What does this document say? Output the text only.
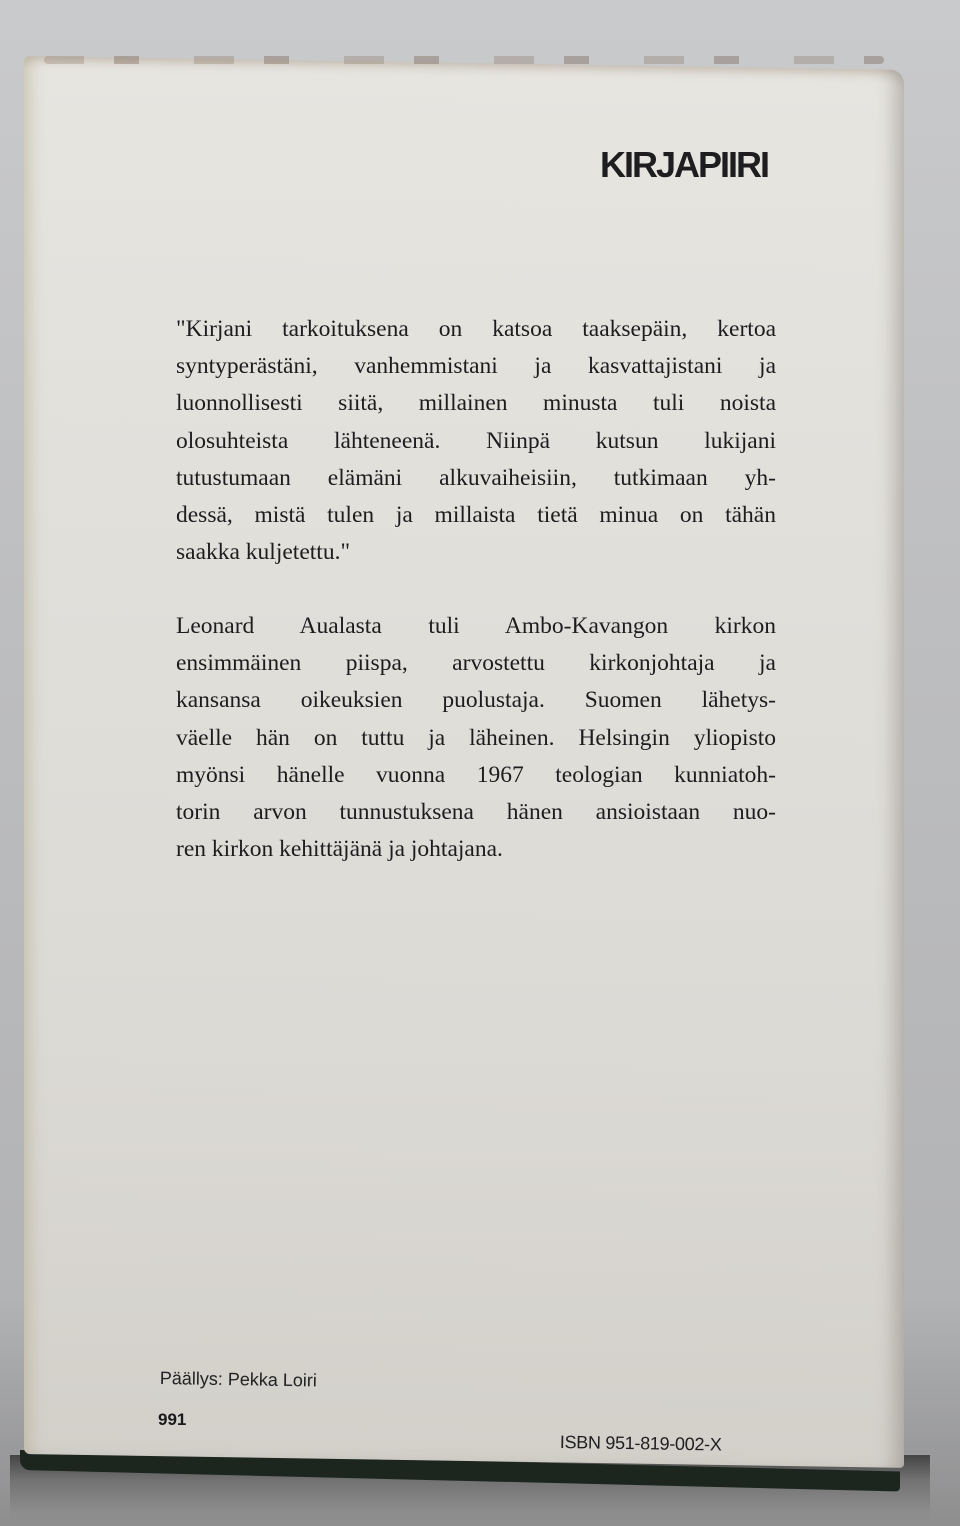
KIRJAPIIRI
"Kirjani tarkoituksena on katsoa taaksepäin, kertoa
syntyperästäni, vanhemmistani ja kasvattajistani ja
luonnollisesti siitä, millainen minusta tuli noista
olosuhteista lähteneenä. Niinpä kutsun lukijani
tutustumaan elämäni alkuvaiheisiin, tutkimaan yh-
dessä, mistä tulen ja millaista tietä minua on tähän
saakka kuljetettu."
Leonard Aualasta tuli Ambo-Kavangon kirkon
ensimmäinen piispa, arvostettu kirkonjohtaja ja
kansansa oikeuksien puolustaja. Suomen lähetys-
väelle hän on tuttu ja läheinen. Helsingin yliopisto
myönsi hänelle vuonna 1967 teologian kunniatoh-
torin arvon tunnustuksena hänen ansioistaan nuo-
ren kirkon kehittäjänä ja johtajana.
Päällys: Pekka Loiri
991
ISBN 951-819-002-X
